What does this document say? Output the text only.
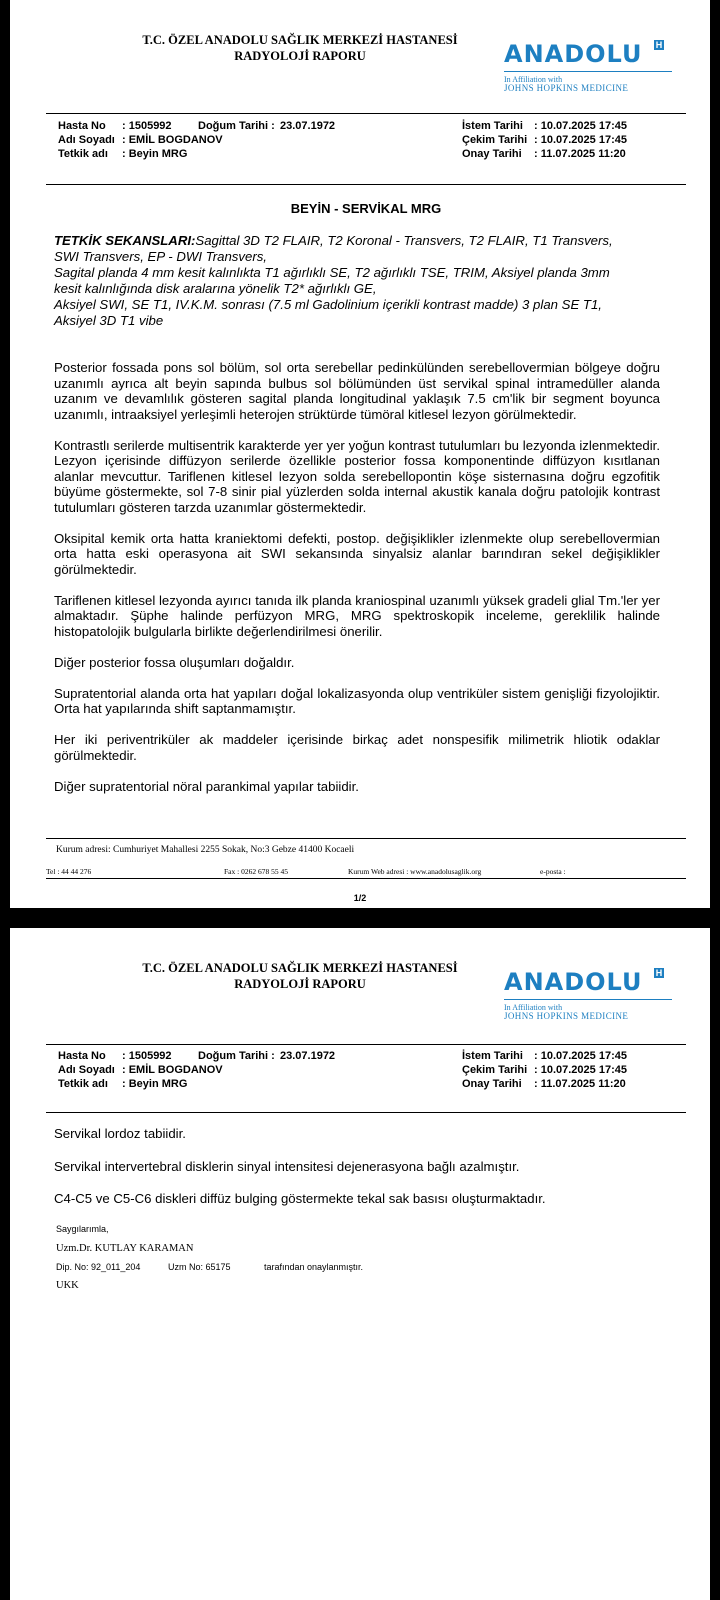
T.C. ÖZEL ANADOLU SAĞLIK MERKEZİ HASTANESİ
RADYOLOJİ RAPORU	ANADOLU H
In Affiliation with
JOHNS HOPKINS MEDICINE
Hasta No : 1505992 Doğum Tarihi : 23.07.1972	İstem Tarihi : 10.07.2025 17:45
Adı Soyadı : EMİL BOGDANOV	Çekim Tarihi : 10.07.2025 17:45
Tetkik adı : Beyin MRG	Onay Tarihi : 11.07.2025 11:20
BEYİN - SERVİKAL MRG
TETKİK SEKANSLARI:Sagittal 3D T2 FLAIR, T2 Koronal - Transvers, T2 FLAIR, T1 Transvers,
SWI Transvers, EP - DWI Transvers,
Sagital planda 4 mm kesit kalınlıkta T1 ağırlıklı SE, T2 ağırlıklı TSE, TRIM, Aksiyel planda 3mm
kesit kalınlığında disk aralarına yönelik T2* ağırlıklı GE,
Aksiyel SWI, SE T1, IV.K.M. sonrası (7.5 ml Gadolinium içerikli kontrast madde) 3 plan SE T1,
Aksiyel 3D T1 vibe

Posterior fossada pons sol bölüm, sol orta serebellar pedinkülünden serebellovermian bölgeye doğru uzanımlı ayrıca alt beyin sapında bulbus sol bölümünden üst servikal spinal intramedüller alanda uzanım ve devamlılık gösteren sagital planda longitudinal yaklaşık 7.5 cm'lik bir segment boyunca uzanımlı, intraaksiyel yerleşimli heterojen strüktürde tümöral kitlesel lezyon görülmektedir.

Kontrastlı serilerde multisentrik karakterde yer yer yoğun kontrast tutulumları bu lezyonda izlenmektedir. Lezyon içerisinde diffüzyon serilerde özellikle posterior fossa komponentinde diffüzyon kısıtlanan alanlar mevcuttur. Tariflenen kitlesel lezyon solda serebellopontin köşe sisternasına doğru egzofitik büyüme göstermekte, sol 7-8 sinir pial yüzlerden solda internal akustik kanala doğru patolojik kontrast tutulumları gösteren tarzda uzanımlar göstermektedir.

Oksipital kemik orta hatta kraniektomi defekti, postop. değişiklikler izlenmekte olup serebellovermian orta hatta eski operasyona ait SWI sekansında sinyalsiz alanlar barındıran sekel değişiklikler görülmektedir.

Tariflenen kitlesel lezyonda ayırıcı tanıda ilk planda kraniospinal uzanımlı yüksek gradeli glial Tm.'ler yer almaktadır. Şüphe halinde perfüzyon MRG, MRG spektroskopik inceleme, gereklilik halinde histopatolojik bulgularla birlikte değerlendirilmesi önerilir.

Diğer posterior fossa oluşumları doğaldır.

Supratentorial alanda orta hat yapıları doğal lokalizasyonda olup ventriküler sistem genişliği fizyolojiktir. Orta hat yapılarında shift saptanmamıştır.

Her iki periventriküler ak maddeler içerisinde birkaç adet nonspesifik milimetrik hliotik odaklar görülmektedir.

Diğer supratentorial nöral parankimal yapılar tabiidir.

Kurum adresi: Cumhuriyet Mahallesi 2255 Sokak, No:3 Gebze 41400 Kocaeli
Tel : 44 44 276	Fax : 0262 678 55 45	Kurum Web adresi : www.anadolusaglik.org	e-posta :
1/2
T.C. ÖZEL ANADOLU SAĞLIK MERKEZİ HASTANESİ
RADYOLOJİ RAPORU	ANADOLU H
In Affiliation with
JOHNS HOPKINS MEDICINE
Hasta No : 1505992 Doğum Tarihi : 23.07.1972	İstem Tarihi : 10.07.2025 17:45
Adı Soyadı : EMİL BOGDANOV	Çekim Tarihi : 10.07.2025 17:45
Tetkik adı : Beyin MRG	Onay Tarihi : 11.07.2025 11:20

Servikal lordoz tabiidir.

Servikal intervertebral disklerin sinyal intensitesi dejenerasyona bağlı azalmıştır.

C4-C5 ve C5-C6 diskleri diffüz bulging göstermekte tekal sak basısı oluşturmaktadır.

Saygılarımla,
Uzm.Dr. KUTLAY KARAMAN
Dip. No: 92_011_204	Uzm No: 65175	tarafından onaylanmıştır.
UKK
